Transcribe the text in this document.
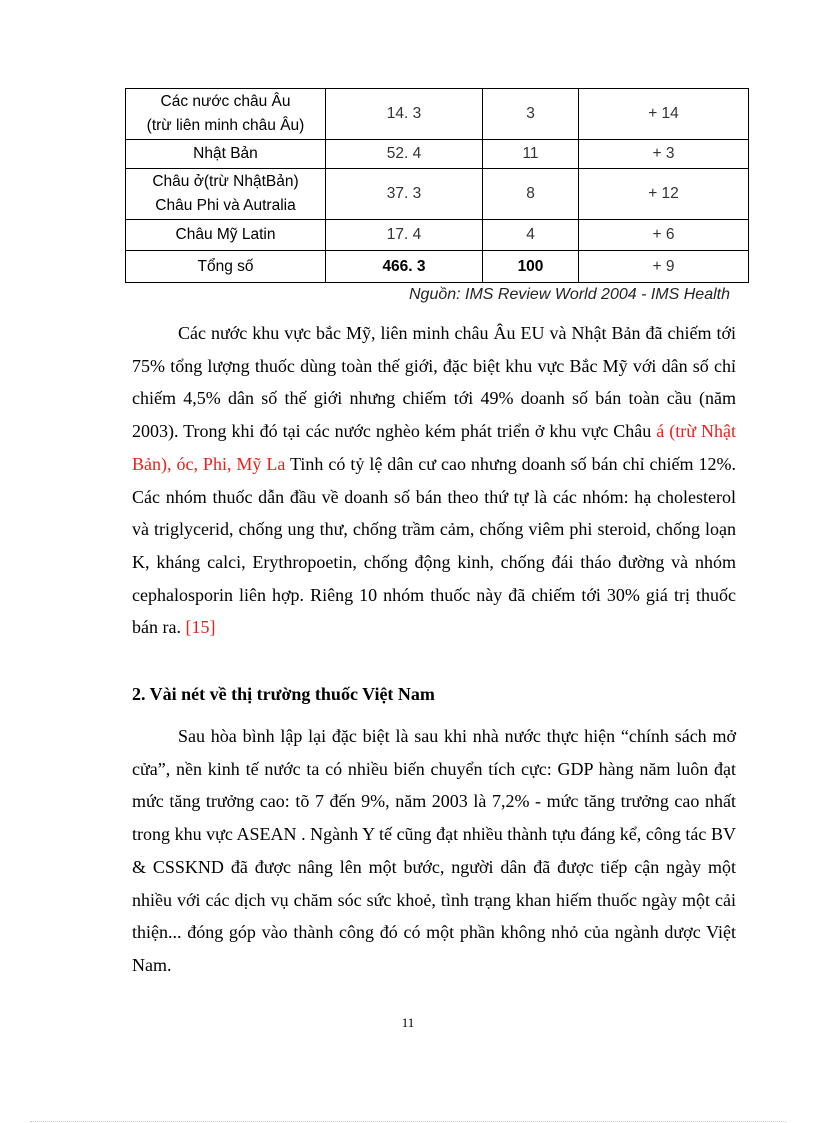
Các nước châu Âu
(trừ liên minh châu Âu)	14. 3	3	+ 14
Nhật Bản	52. 4	11	+ 3
Châu ở(trừ NhậtBản)
Châu Phi và Autralia	37. 3	8	+ 12
Châu Mỹ Latin	17. 4	4	+ 6
Tổng số	466. 3	100	+ 9
Nguồn: IMS Review World 2004 - IMS Health

Các nước khu vực bắc Mỹ, liên minh châu Âu EU và Nhật Bản đã chiếm tới 75% tổng lượng thuốc dùng toàn thế giới, đặc biệt khu vực Bắc Mỹ với dân số chỉ chiếm 4,5% dân số thế giới nhưng chiếm tới 49% doanh số bán toàn cầu (năm 2003). Trong khi đó tại các nước nghèo kém phát triển ở khu vực Châu á (trừ Nhật Bản), óc, Phi, Mỹ La Tinh có tỷ lệ dân cư cao nhưng doanh số bán chỉ chiếm 12%. Các nhóm thuốc dẫn đầu về doanh số bán theo thứ tự là các nhóm: hạ cholesterol và triglycerid, chống ung thư, chống trầm cảm, chống viêm phi steroid, chống loạn K, kháng calci, Erythropoetin, chống động kinh, chống đái tháo đường và nhóm cephalosporin liên hợp. Riêng 10 nhóm thuốc này đã chiếm tới 30% giá trị thuốc bán ra. [15]

2. Vài nét về thị trường thuốc Việt Nam

Sau hòa bình lập lại đặc biệt là sau khi nhà nước thực hiện “chính sách mở cửa”, nền kinh tế nước ta có nhiều biến chuyển tích cực: GDP hàng năm luôn đạt mức tăng trưởng cao: tõ 7 đến 9%, năm 2003 là 7,2% - mức tăng trưởng cao nhất trong khu vực ASEAN . Ngành Y tế cũng đạt nhiều thành tựu đáng kể, công tác BV & CSSKND đã được nâng lên một bước, người dân đã được tiếp cận ngày một nhiều với các dịch vụ chăm sóc sức khoẻ, tình trạng khan hiếm thuốc ngày một cải thiện... đóng góp vào thành công đó có một phần không nhỏ của ngành dược Việt Nam.

11
